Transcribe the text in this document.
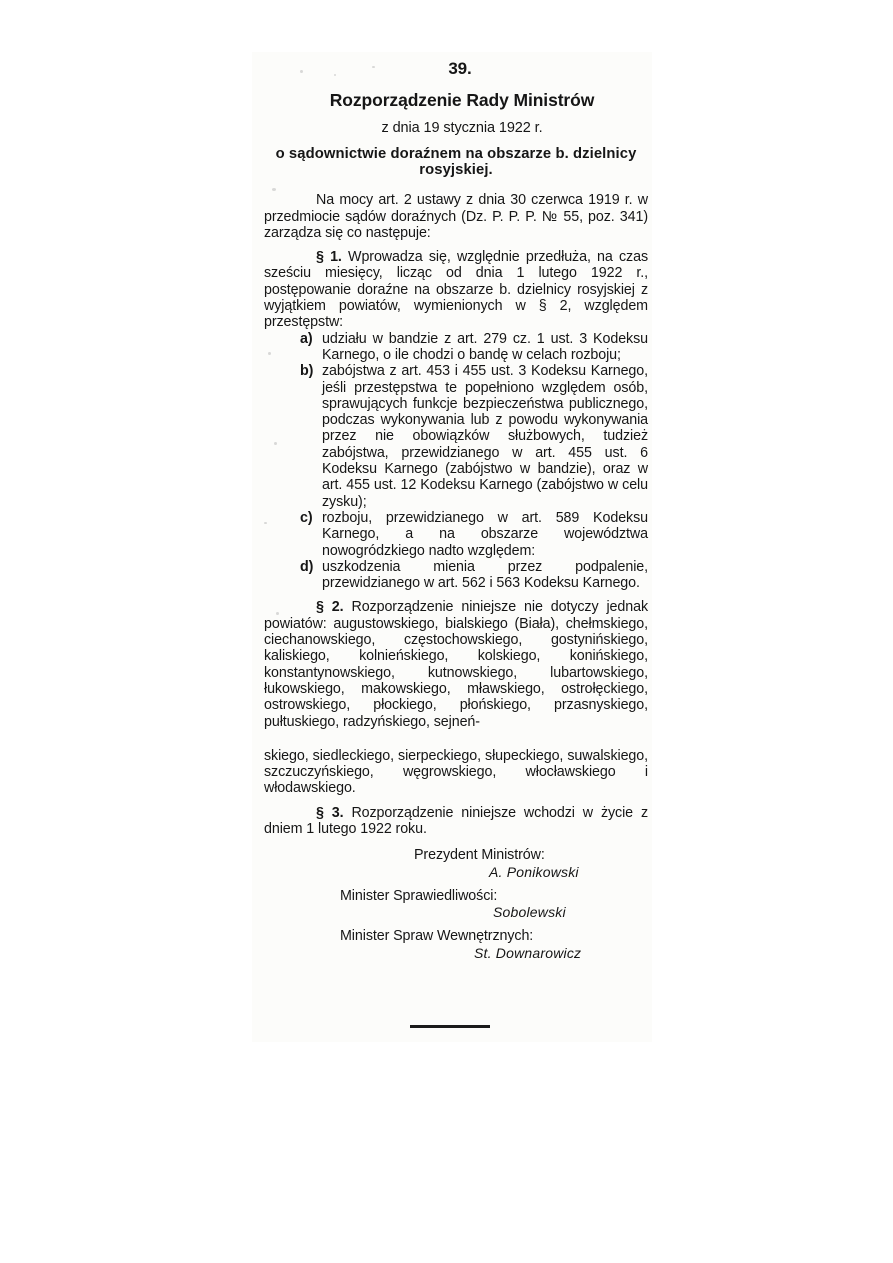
39.
Rozporządzenie Rady Ministrów
z dnia 19 stycznia 1922 r.
o sądownictwie doraźnem na obszarze b. dzielnicy rosyjskiej.

Na mocy art. 2 ustawy z dnia 30 czerwca 1919 r. w przedmiocie sądów doraźnych (Dz. P. P. P. № 55, poz. 341) zarządza się co następuje:

§ 1. Wprowadza się, względnie przedłuża, na czas sześciu miesięcy, licząc od dnia 1 lutego 1922 r., postępowanie doraźne na obszarze b. dzielnicy rosyjskiej z wyjątkiem powiatów, wymienionych w § 2, względem przestępstw:

a) udziału w bandzie z art. 279 cz. 1 ust. 3 Kodeksu Karnego, o ile chodzi o bandę w celach rozboju;
b) zabójstwa z art. 453 i 455 ust. 3 Kodeksu Karnego, jeśli przestępstwa te popełniono względem osób, sprawujących funkcje bezpieczeństwa publicznego, podczas wykonywania lub z powodu wykonywania przez nie obowiązków służbowych, tudzież zabójstwa, przewidzianego w art. 455 ust. 6 Kodeksu Karnego (zabójstwo w bandzie), oraz w art. 455 ust. 12 Kodeksu Karnego (zabójstwo w celu zysku);
c) rozboju, przewidzianego w art. 589 Kodeksu Karnego, a na obszarze województwa nowogródzkiego nadto względem:
d) uszkodzenia mienia przez podpalenie, przewidzianego w art. 562 i 563 Kodeksu Karnego.

§ 2. Rozporządzenie niniejsze nie dotyczy jednak powiatów: augustowskiego, bialskiego (Biała), chełmskiego, ciechanowskiego, częstochowskiego, gostynińskiego, kaliskiego, kolnieńskiego, kolskiego, konińskiego, konstantynowskiego, kutnowskiego, lubartowskiego, łukowskiego, makowskiego, mławskiego, ostrołęckiego, ostrowskiego, płockiego, płońskiego, przasnyskiego, pułtuskiego, radzyńskiego, sejneń-

skiego, siedleckiego, sierpeckiego, słupeckiego, suwalskiego, szczuczyńskiego, węgrowskiego, włocławskiego i włodawskiego.

§ 3. Rozporządzenie niniejsze wchodzi w życie z dniem 1 lutego 1922 roku.

Prezydent Ministrów:
A. Ponikowski
Minister Sprawiedliwości:
Sobolewski
Minister Spraw Wewnętrznych:
St. Downarowicz
